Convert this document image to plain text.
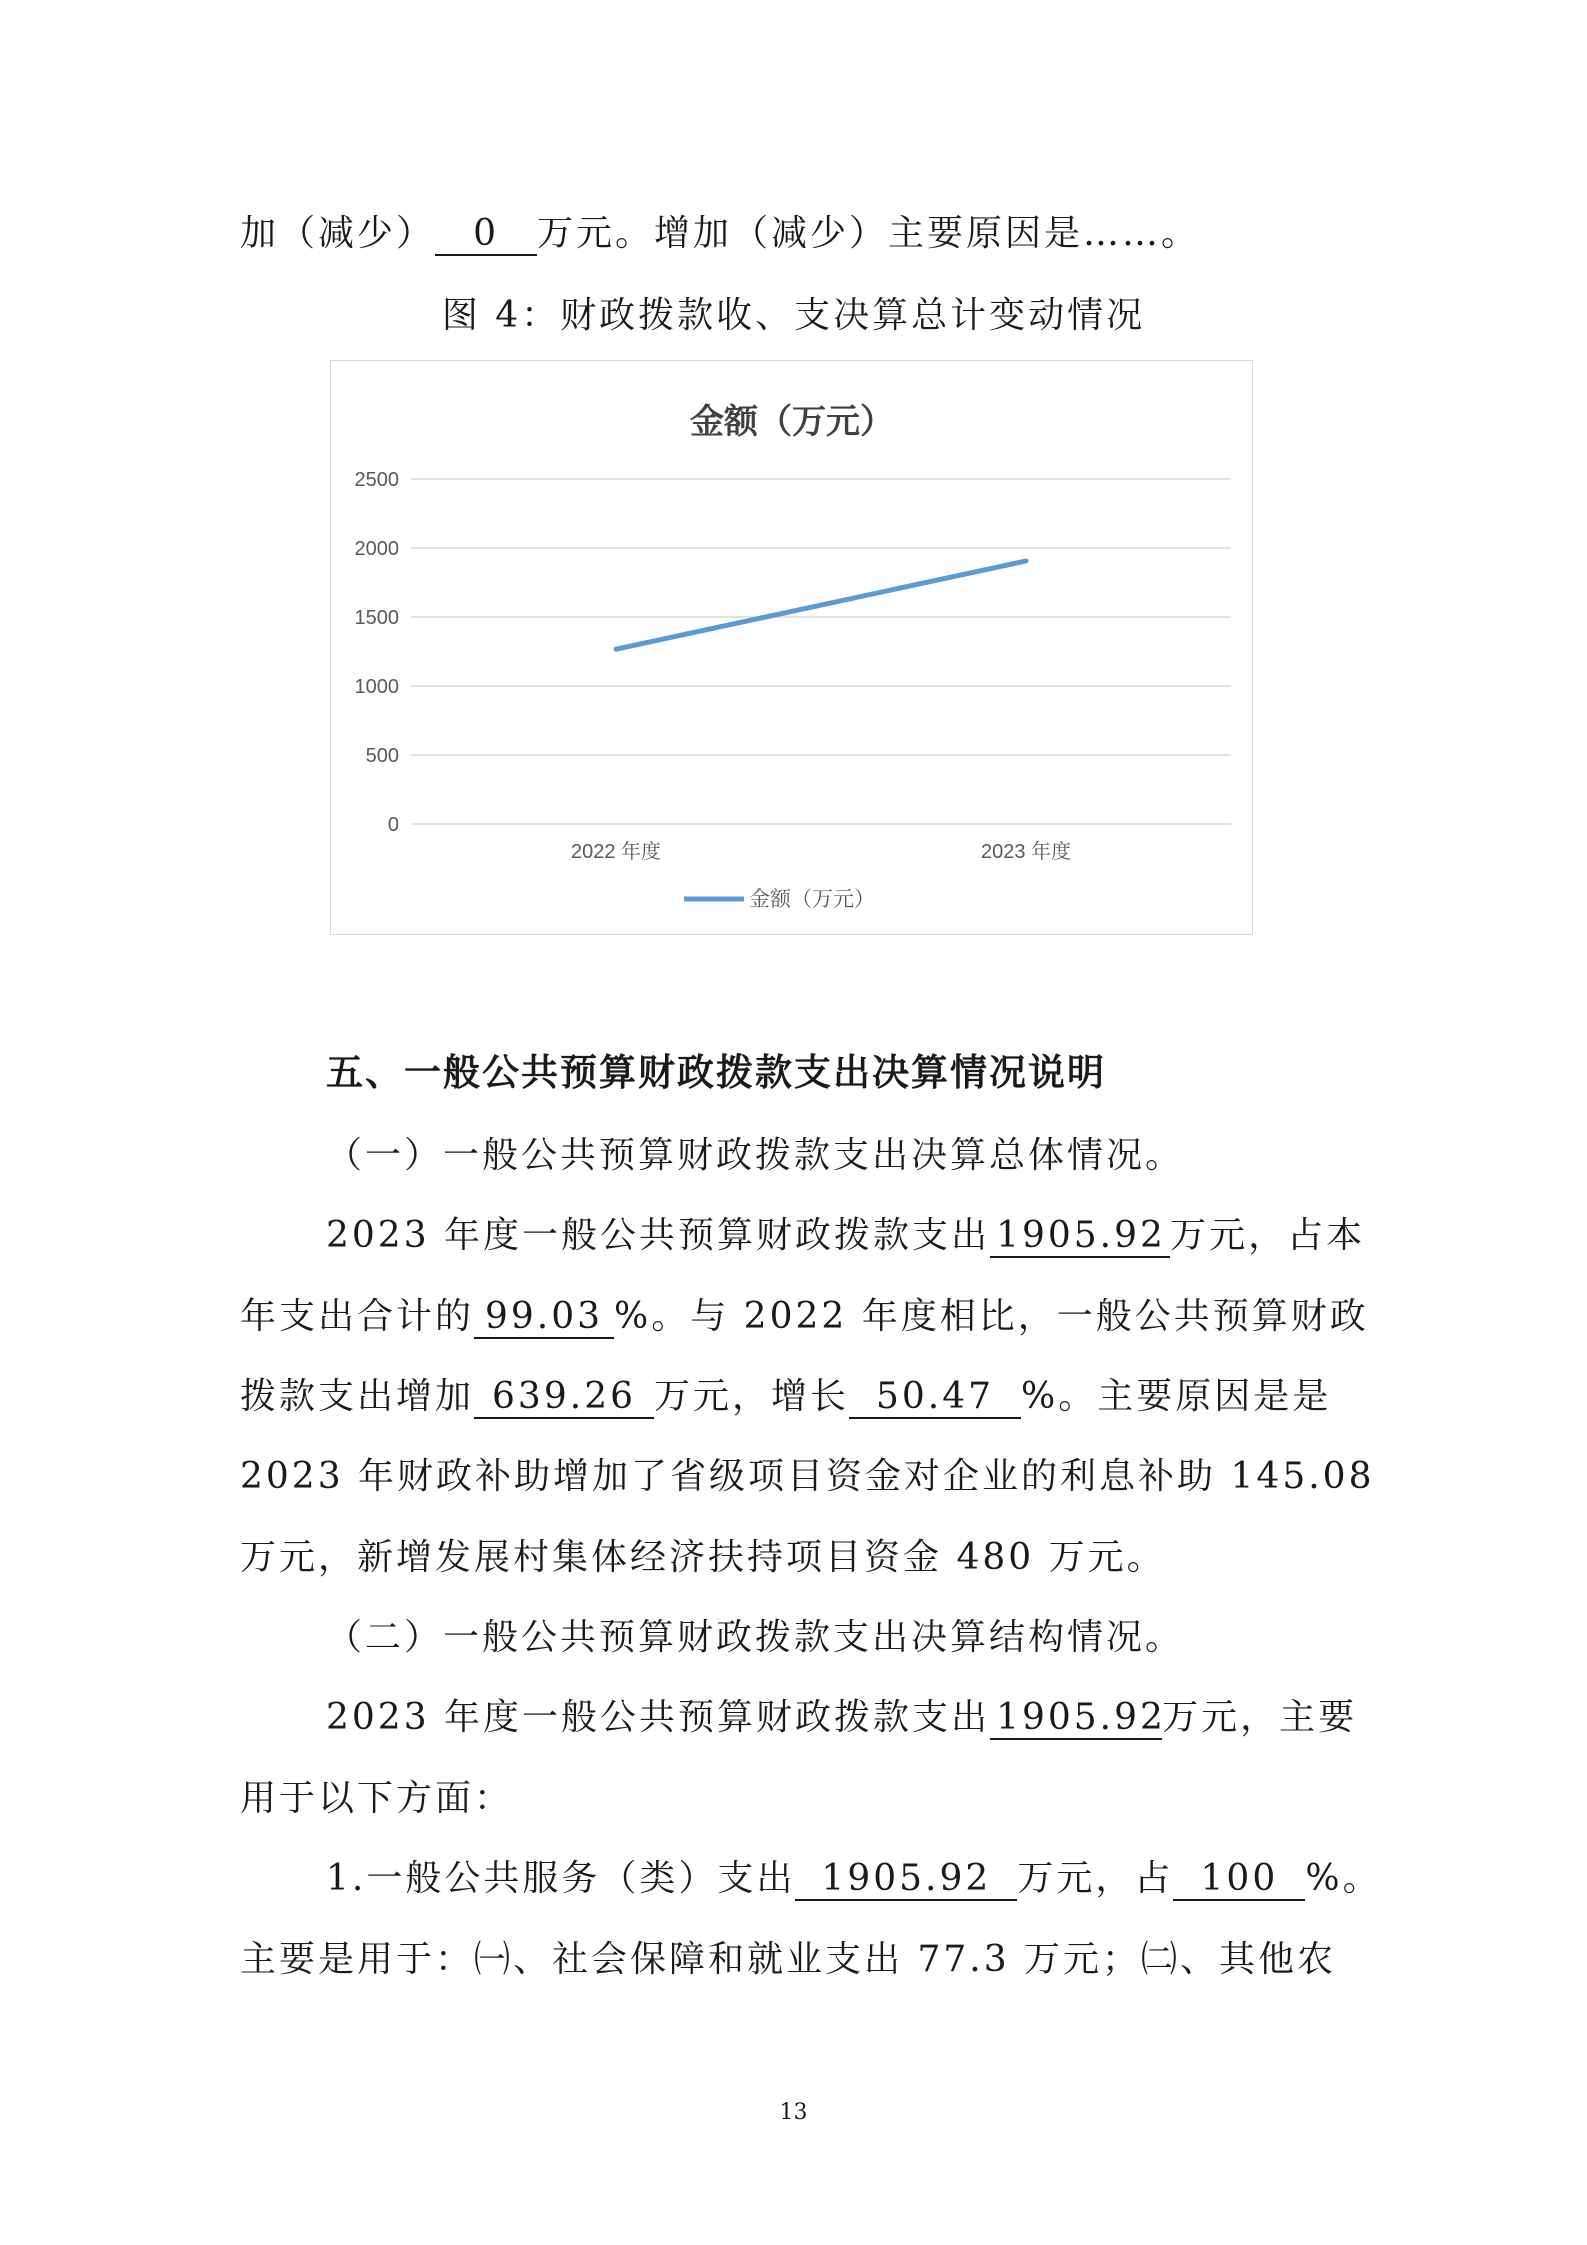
加（减少） 0 万元。增加（减少）主要原因是……。
图 4：财政拨款收、支决算总计变动情况
金额（万元）
0
500
1000
1500
2000
2500
2022 年度	2023 年度
金额（万元）
五、一般公共预算财政拨款支出决算情况说明
（一）一般公共预算财政拨款支出决算总体情况。
2023 年度一般公共预算财政拨款支出 1905.92 万元，占本
年支出合计的 99.03 %。与 2022 年度相比，一般公共预算财政
拨款支出增加 639.26 万元，增长 50.47 %。主要原因是是
2023 年财政补助增加了省级项目资金对企业的利息补助 145.08
万元，新增发展村集体经济扶持项目资金 480 万元。
（二）一般公共预算财政拨款支出决算结构情况。
2023 年度一般公共预算财政拨款支出 1905.92万元，主要
用于以下方面：
1.一般公共服务（类）支出 1905.92 万元，占 100 %。
主要是用于：㈠、社会保障和就业支出 77.3 万元；㈡、其他农
13
